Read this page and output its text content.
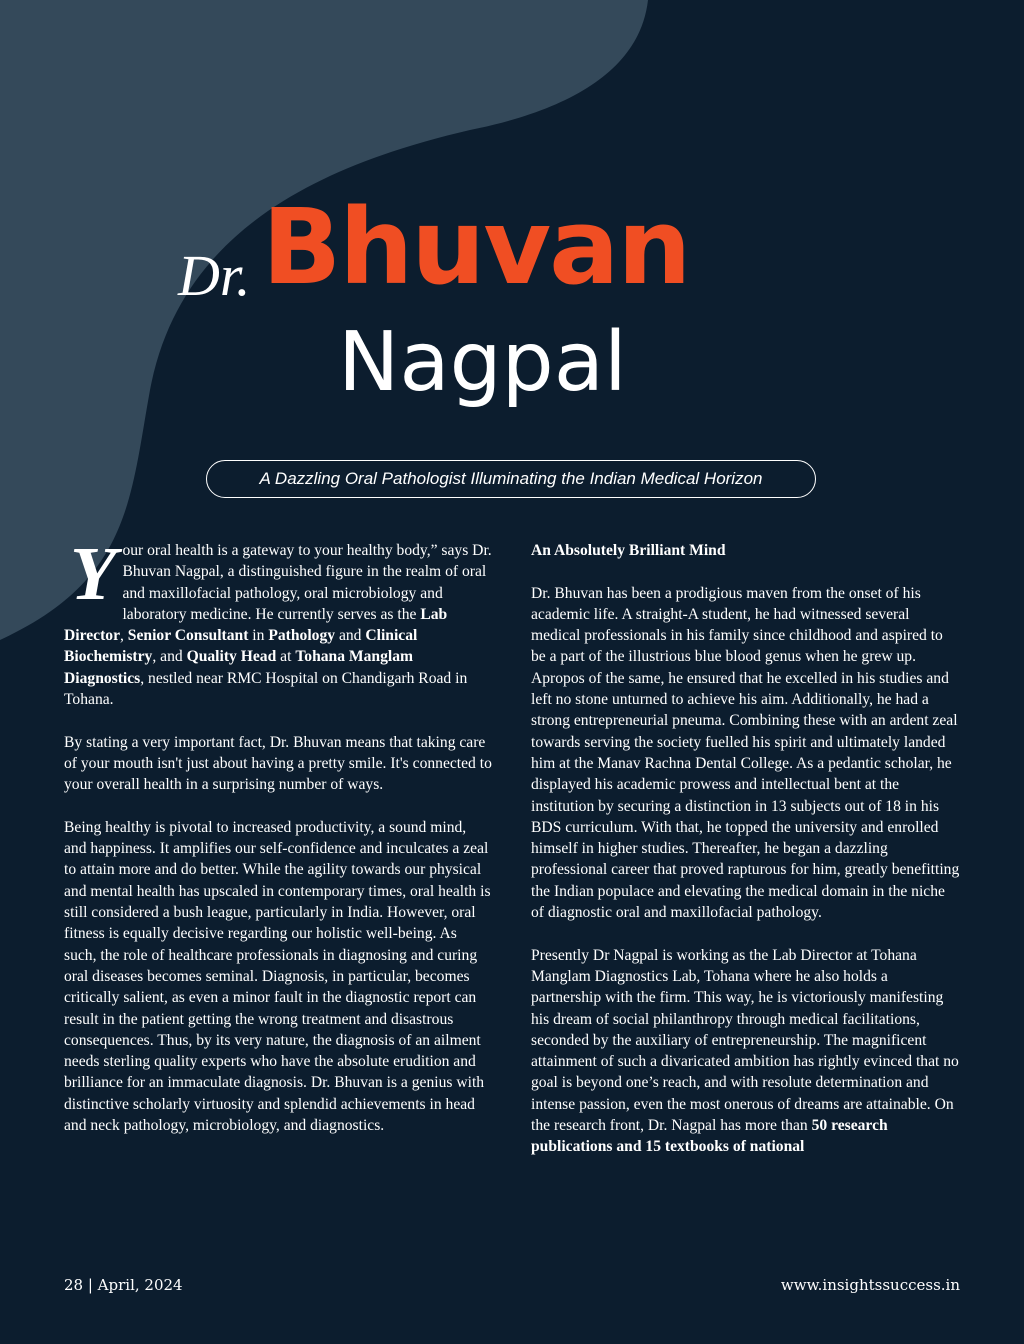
Dr. Bhuvan
Nagpal
A Dazzling Oral Pathologist Illuminating the Indian Medical Horizon

Your oral health is a gateway to your healthy body,” says Dr. Bhuvan Nagpal, a distinguished figure in the realm of oral and maxillofacial pathology, oral microbiology and laboratory medicine. He currently serves as the Lab Director, Senior Consultant in Pathology and Clinical Biochemistry, and Quality Head at Tohana Manglam Diagnostics, nestled near RMC Hospital on Chandigarh Road in Tohana.

By stating a very important fact, Dr. Bhuvan means that taking care of your mouth isn't just about having a pretty smile. It's connected to your overall health in a surprising number of ways.

Being healthy is pivotal to increased productivity, a sound mind, and happiness. It amplifies our self-confidence and inculcates a zeal to attain more and do better. While the agility towards our physical and mental health has upscaled in contemporary times, oral health is still considered a bush league, particularly in India. However, oral fitness is equally decisive regarding our holistic well-being. As such, the role of healthcare professionals in diagnosing and curing oral diseases becomes seminal. Diagnosis, in particular, becomes critically salient, as even a minor fault in the diagnostic report can result in the patient getting the wrong treatment and disastrous consequences. Thus, by its very nature, the diagnosis of an ailment needs sterling quality experts who have the absolute erudition and brilliance for an immaculate diagnosis. Dr. Bhuvan is a genius with distinctive scholarly virtuosity and splendid achievements in head and neck pathology, microbiology, and diagnostics.

An Absolutely Brilliant Mind

Dr. Bhuvan has been a prodigious maven from the onset of his academic life. A straight-A student, he had witnessed several medical professionals in his family since childhood and aspired to be a part of the illustrious blue blood genus when he grew up. Apropos of the same, he ensured that he excelled in his studies and left no stone unturned to achieve his aim. Additionally, he had a strong entrepreneurial pneuma. Combining these with an ardent zeal towards serving the society fuelled his spirit and ultimately landed him at the Manav Rachna Dental College. As a pedantic scholar, he displayed his academic prowess and intellectual bent at the institution by securing a distinction in 13 subjects out of 18 in his BDS curriculum. With that, he topped the university and enrolled himself in higher studies. Thereafter, he began a dazzling professional career that proved rapturous for him, greatly benefitting the Indian populace and elevating the medical domain in the niche of diagnostic oral and maxillofacial pathology.

Presently Dr Nagpal is working as the Lab Director at Tohana Manglam Diagnostics Lab, Tohana where he also holds a partnership with the firm. This way, he is victoriously manifesting his dream of social philanthropy through medical facilitations, seconded by the auxiliary of entrepreneurship. The magnificent attainment of such a divaricated ambition has rightly evinced that no goal is beyond one’s reach, and with resolute determination and intense passion, even the most onerous of dreams are attainable. On the research front, Dr. Nagpal has more than 50 research publications and 15 textbooks of national

28 | April, 2024	www.insightssuccess.in
